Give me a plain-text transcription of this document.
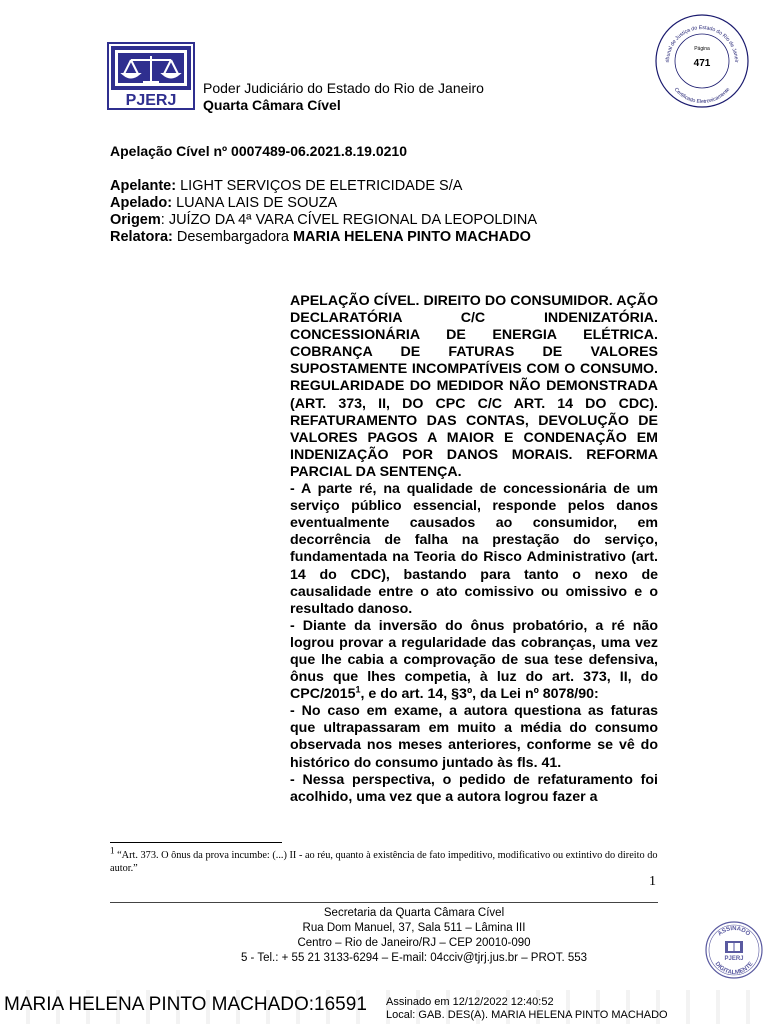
PJERJ
Poder Judiciário do Estado do Rio de Janeiro
Quarta Câmara Cível
ribunal de Justiça do Estado do Rio de Janeir
Certificado Eletronicamente
Página
471
Apelação Cível nº 0007489-06.2021.8.19.0210
Apelante: LIGHT SERVIÇOS DE ELETRICIDADE S/A
Apelado: LUANA LAIS DE SOUZA
Origem: JUÍZO DA 4ª VARA CÍVEL REGIONAL DA LEOPOLDINA
Relatora: Desembargadora MARIA HELENA PINTO MACHADO

APELAÇÃO CÍVEL. DIREITO DO CONSUMIDOR. AÇÃO DECLARATÓRIA C/C INDENIZATÓRIA. CONCESSIONÁRIA DE ENERGIA ELÉTRICA. COBRANÇA DE FATURAS DE VALORES SUPOSTAMENTE INCOMPATÍVEIS COM O CONSUMO. REGULARIDADE DO MEDIDOR NÃO DEMONSTRADA (ART. 373, II, DO CPC C/C ART. 14 DO CDC). REFATURAMENTO DAS CONTAS, DEVOLUÇÃO DE VALORES PAGOS A MAIOR E CONDENAÇÃO EM INDENIZAÇÃO POR DANOS MORAIS. REFORMA PARCIAL DA SENTENÇA.

- A parte ré, na qualidade de concessionária de um serviço público essencial, responde pelos danos eventualmente causados ao consumidor, em decorrência de falha na prestação do serviço, fundamentada na Teoria do Risco Administrativo (art. 14 do CDC), bastando para tanto o nexo de causalidade entre o ato comissivo ou omissivo e o resultado danoso.

- Diante da inversão do ônus probatório, a ré não logrou provar a regularidade das cobranças, uma vez que lhe cabia a comprovação de sua tese defensiva, ônus que lhes competia, à luz do art. 373, II, do CPC/2015$^1$, e do art. 14, §3º, da Lei nº 8078/90:

- No caso em exame, a autora questiona as faturas que ultrapassaram em muito a média do consumo observada nos meses anteriores, conforme se vê do histórico do consumo juntado às fls. 41.

- Nessa perspectiva, o pedido de refaturamento foi acolhido, uma vez que a autora logrou fazer a

$^1$ “Art. 373. O ônus da prova incumbe: (...) II - ao réu, quanto à existência de fato impeditivo, modificativo ou extintivo do direito do autor.”
1
Secretaria da Quarta Câmara Cível
Rua Dom Manuel, 37, Sala 511 – Lâmina III
Centro – Rio de Janeiro/RJ – CEP 20010-090
5 - Tel.: + 55 21 3133-6294 – E-mail: 04cciv@tjrj.jus.br – PROT. 553
ASSINADO
DIGITALMENTE
PJERJ
MARIA HELENA PINTO MACHADO:16591 Assinado em 12/12/2022 12:40:52
Local: GAB. DES(A). MARIA HELENA PINTO MACHADO
